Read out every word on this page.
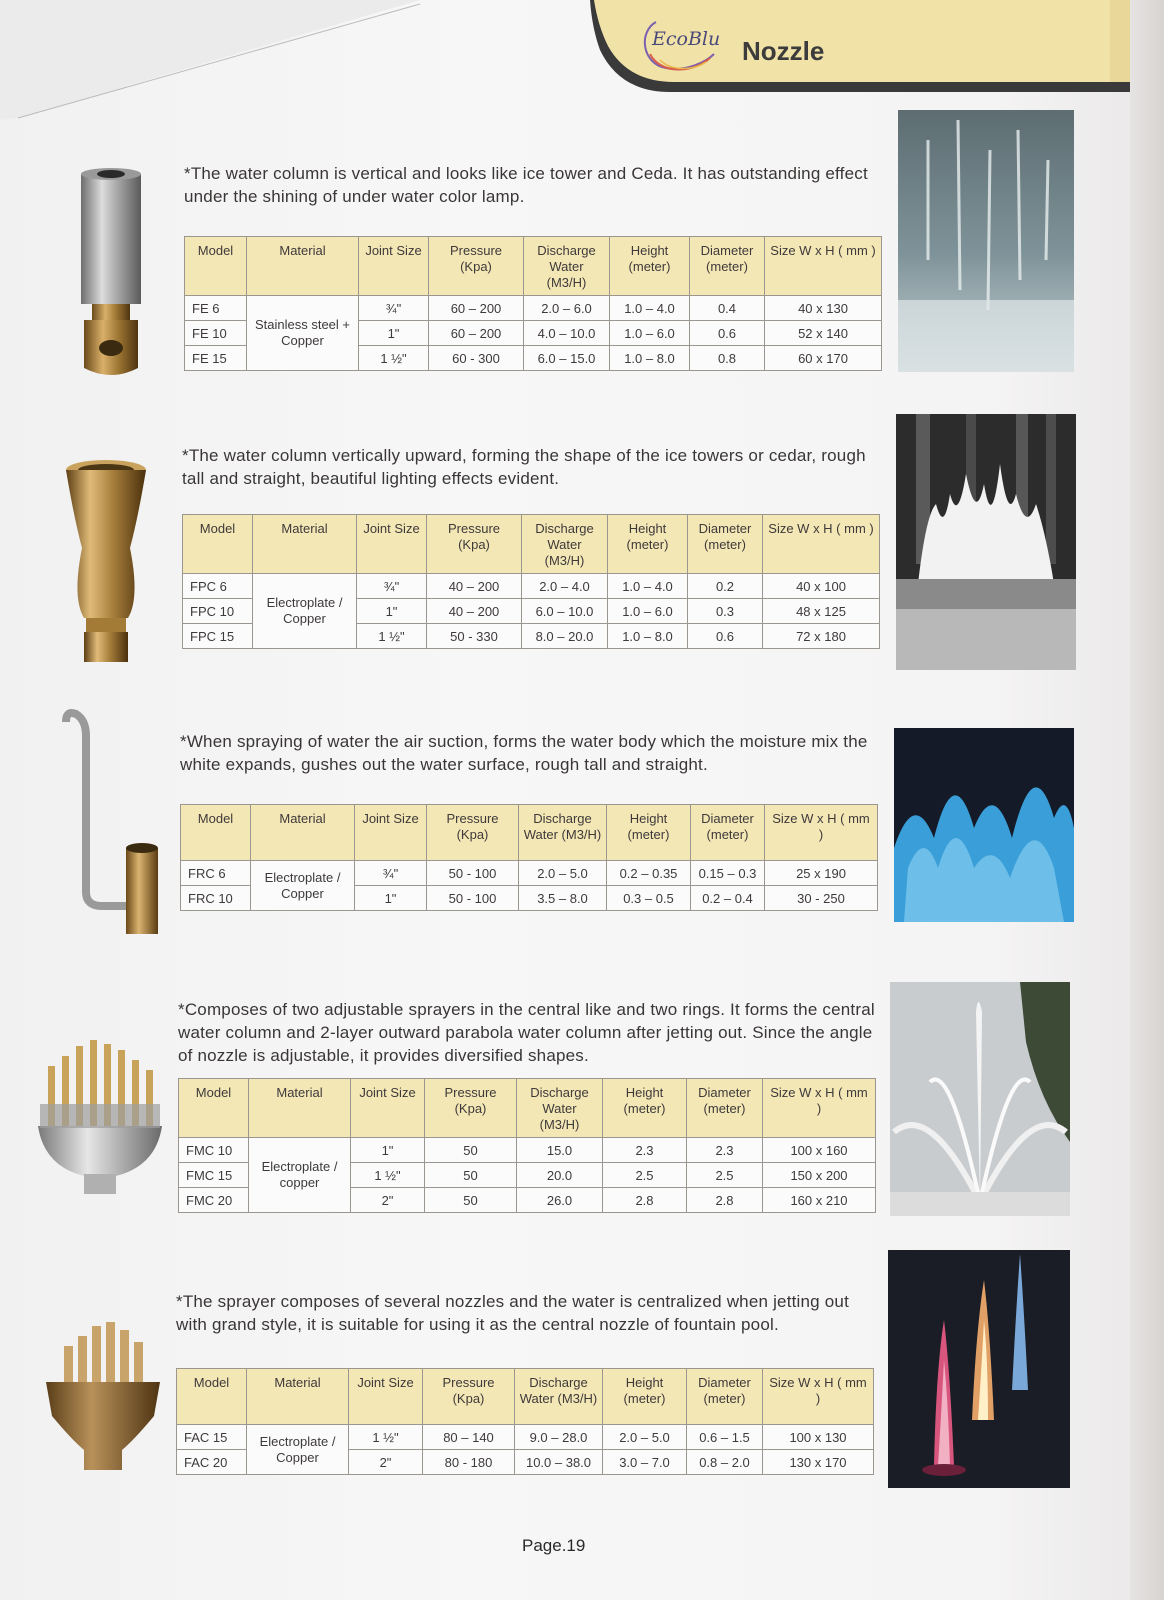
EcoBlu Nozzle
*The water column is vertical and looks like ice tower and Ceda. It has outstanding effect under the shining of under water color lamp.
Model	Material	Joint Size	Pressure (Kpa)	Discharge Water (M3/H)	Height (meter)	Diameter (meter)	Size W x H ( mm )
FE 6	Stainless steel + Copper	¾"	60 – 200	2.0 – 6.0	1.0 – 4.0	0.4	40 x 130
FE 10		1"	60 – 200	4.0 – 10.0	1.0 – 6.0	0.6	52 x 140
FE 15		1 ½"	60 - 300	6.0 – 15.0	1.0 – 8.0	0.8	60 x 170
*The water column vertically upward, forming the shape of the ice towers or cedar, rough tall and straight, beautiful lighting effects evident.
Model	Material	Joint Size	Pressure (Kpa)	Discharge Water (M3/H)	Height (meter)	Diameter (meter)	Size W x H ( mm )
FPC 6	Electroplate / Copper	¾"	40 – 200	2.0 – 4.0	1.0 – 4.0	0.2	40 x 100
FPC 10		1"	40 – 200	6.0 – 10.0	1.0 – 6.0	0.3	48 x 125
FPC 15		1 ½"	50 - 330	8.0 – 20.0	1.0 – 8.0	0.6	72 x 180
*When spraying of water the air suction, forms the water body which the moisture mix the white expands, gushes out the water surface, rough tall and straight.
Model	Material	Joint Size	Pressure (Kpa)	Discharge Water (M3/H)	Height (meter)	Diameter (meter)	Size W x H ( mm )
FRC 6	Electroplate / Copper	¾"	50 - 100	2.0 – 5.0	0.2 – 0.35	0.15 – 0.3	25 x 190
FRC 10		1"	50 - 100	3.5 – 8.0	0.3 – 0.5	0.2 – 0.4	30 - 250
*Composes of two adjustable sprayers in the central like and two rings. It forms the central water column and 2-layer outward parabola water column after jetting out. Since the angle of nozzle is adjustable, it provides diversified shapes.
Model	Material	Joint Size	Pressure (Kpa)	Discharge Water (M3/H)	Height (meter)	Diameter (meter)	Size W x H ( mm )
FMC 10	Electroplate / copper	1"	50	15.0	2.3	2.3	100 x 160
FMC 15		1 ½"	50	20.0	2.5	2.5	150 x 200
FMC 20		2"	50	26.0	2.8	2.8	160 x 210
*The sprayer composes of several nozzles and the water is centralized when jetting out with grand style, it is suitable for using it as the central nozzle of fountain pool.
Model	Material	Joint Size	Pressure (Kpa)	Discharge Water (M3/H)	Height (meter)	Diameter (meter)	Size W x H ( mm )
FAC 15	Electroplate / Copper	1 ½"	80 – 140	9.0 – 28.0	2.0 – 5.0	0.6 – 1.5	100 x 130
FAC 20		2"	80 - 180	10.0 – 38.0	3.0 – 7.0	0.8 – 2.0	130 x 170
Page.19
